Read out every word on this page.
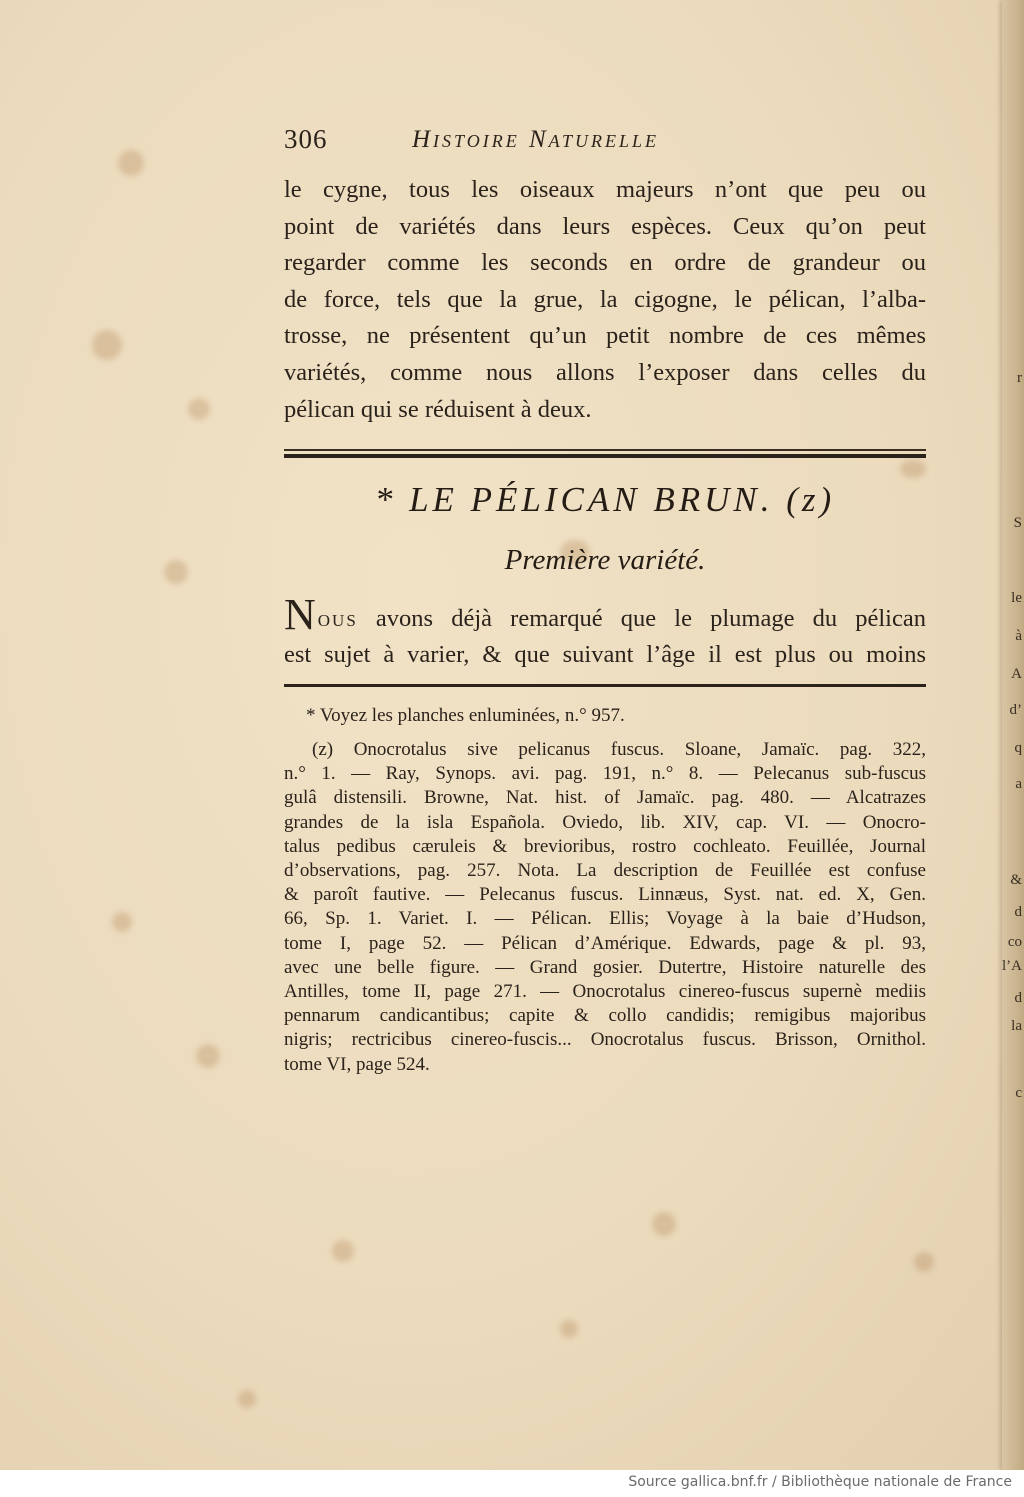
306	Histoire Naturelle
le cygne, tous les oiseaux majeurs n’ont que peu ou
point de variétés dans leurs espèces. Ceux qu’on peut
regarder comme les seconds en ordre de grandeur ou
de force, tels que la grue, la cigogne, le pélican, l’alba-
trosse, ne présentent qu’un petit nombre de ces mêmes
variétés, comme nous allons l’exposer dans celles du
pélican qui se réduisent à deux.
* LE PÉLICAN BRUN. (z)
Première variété.
Nous avons déjà remarqué que le plumage du pélican
est sujet à varier, & que suivant l’âge il est plus ou moins
* Voyez les planches enluminées, n.° 957.
(z) Onocrotalus sive pelicanus fuscus. Sloane, Jamaïc. pag. 322,
n.° 1. — Ray, Synops. avi. pag. 191, n.° 8. — Pelecanus sub-fuscus
gulâ distensili. Browne, Nat. hist. of Jamaïc. pag. 480. — Alcatrazes
grandes de la isla Española. Oviedo, lib. XIV, cap. VI. — Onocro-
talus pedibus cæruleis & brevioribus, rostro cochleato. Feuillée, Journal
d’observations, pag. 257. Nota. La description de Feuillée est confuse
& paroît fautive. — Pelecanus fuscus. Linnæus, Syst. nat. ed. X, Gen.
66, Sp. 1. Variet. I. — Pélican. Ellis; Voyage à la baie d’Hudson,
tome I, page 52. — Pélican d’Amérique. Edwards, page & pl. 93,
avec une belle figure. — Grand gosier. Dutertre, Histoire naturelle des
Antilles, tome II, page 271. — Onocrotalus cinereo-fuscus supernè mediis
pennarum candicantibus; capite & collo candidis; remigibus majoribus
nigris; rectricibus cinereo-fuscis... Onocrotalus fuscus. Brisson, Ornithol.
tome VI, page 524.
r
S
le
à
A
d’
q
a
&
d
co
l’A
d
la
c
Source gallica.bnf.fr / Bibliothèque nationale de France
